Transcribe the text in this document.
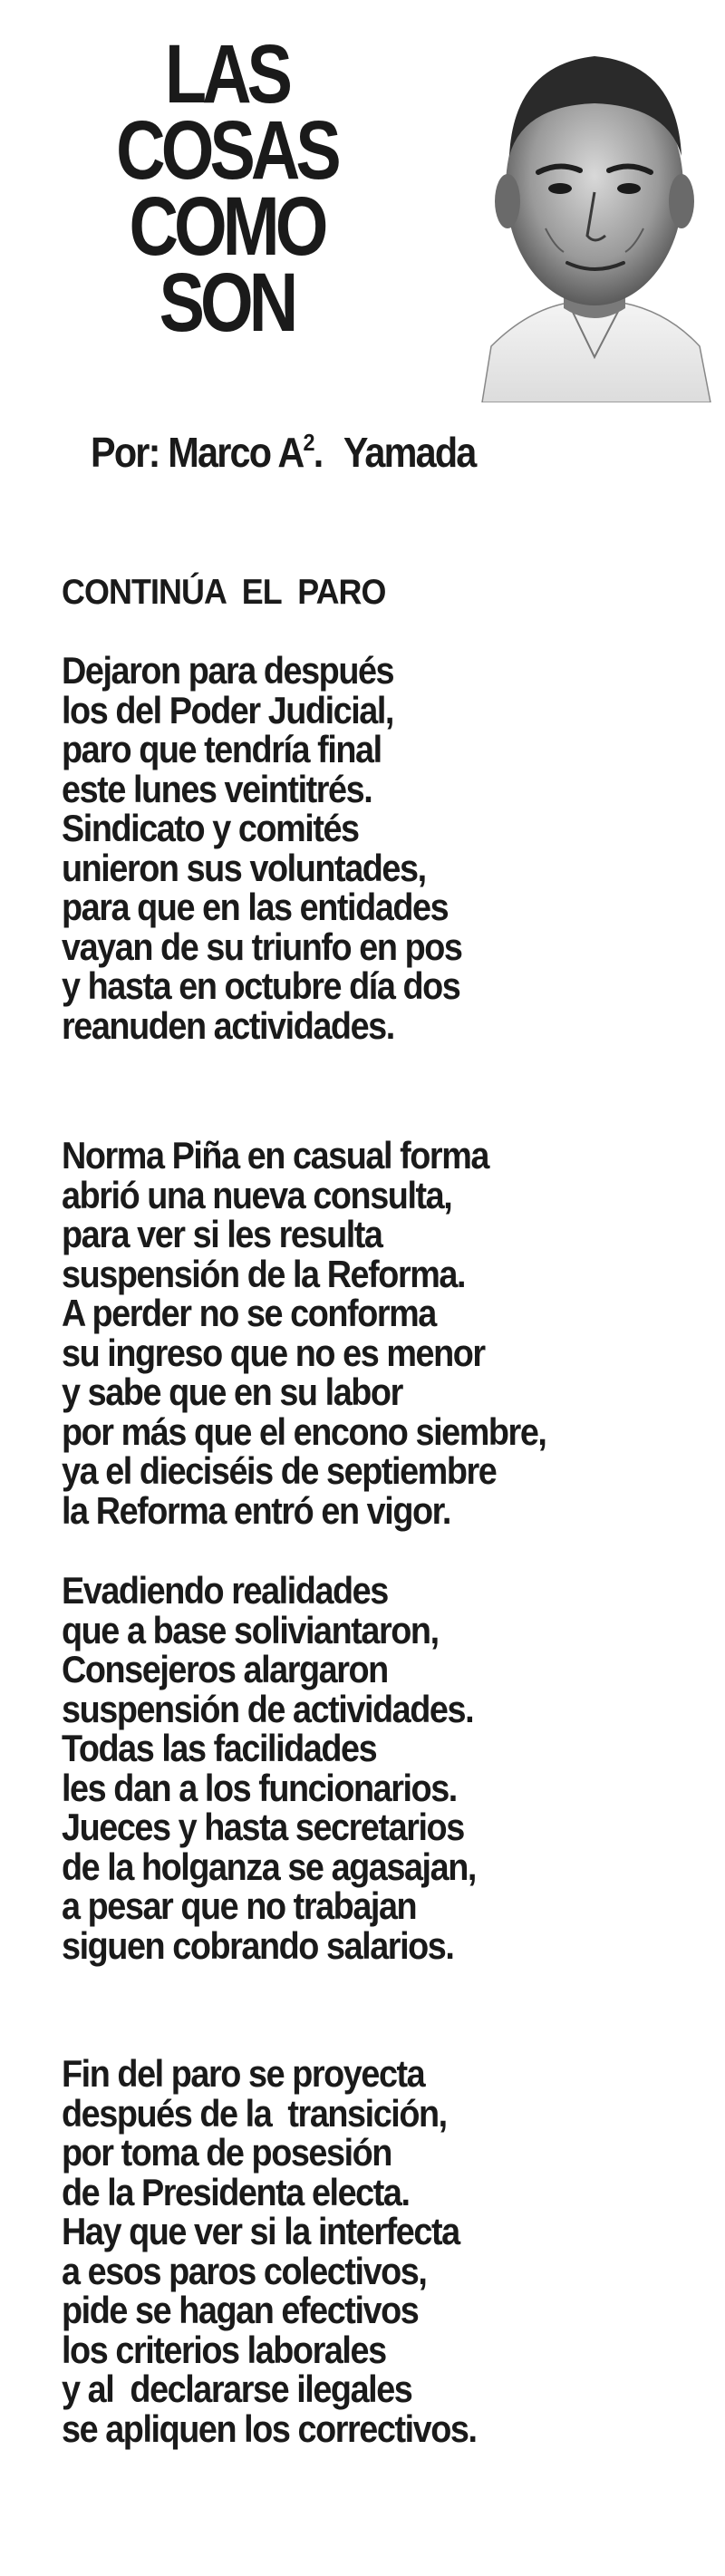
LAS
COSAS
COMO
SON
Por: Marco $A^2$. Yamada
CONTINÚA  EL  PARO

Dejaron para después
los del Poder Judicial,
paro que tendría final
este lunes veintitrés.
Sindicato y comités
unieron sus voluntades,
para que en las entidades
vayan de su triunfo en pos
y hasta en octubre día dos
reanuden actividades.

Norma Piña en casual forma
abrió una nueva consulta,
para ver si les resulta
suspensión de la Reforma.
A perder no se conforma
su ingreso que no es menor
y sabe que en su labor
por más que el encono siembre,
ya el dieciséis de septiembre
la Reforma entró en vigor.

Evadiendo realidades
que a base soliviantaron,
Consejeros alargaron
suspensión de actividades.
Todas las facilidades
les dan a los funcionarios.
Jueces y hasta secretarios
de la holganza se agasajan,
a pesar que no trabajan
siguen cobrando salarios.

Fin del paro se proyecta
después de la  transición,
por toma de posesión
de la Presidenta electa.
Hay que ver si la interfecta
a esos paros colectivos,
pide se hagan efectivos
los criterios laborales
y al  declararse ilegales
se apliquen los correctivos.
